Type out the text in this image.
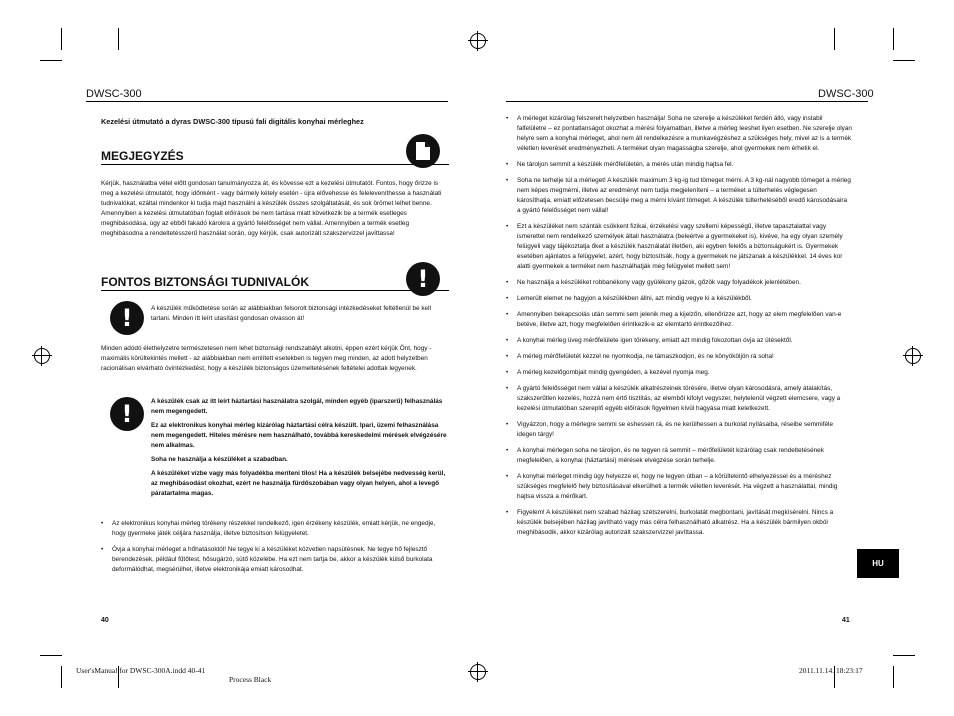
DWSC-300	DWSC-300
Kezelési útmutató a dyras DWSC-300 típusú fali digitális konyhai mérleghez
MEGJEGYZÉS
Kérjük, használatba vétel előtt gondosan tanulmányozza át, és kövesse ezt a kezelési útmutatót. Fontos, hogy őrizze is meg a kezelési útmutatót, hogy időnként - vagy bármely kétely esetén - újra elővehesse és feleleveníthesse a használati tudnivalókat, ezáltal mindenkor ki tudja majd használni a készülék összes szolgáltatását, és sok örömet lelhet benne. Amennyiben a kezelési útmutatóban foglalt előírások be nem tartása miatt következik be a termék esetleges meghibásodása, úgy az ebből fakadó károkra a gyártó felelősséget nem vállal. Amennyiben a termék esetleg meghibásodna a rendeltetésszerű használat során, úgy kérjük, csak autorizált szakszervizzel javíttassa!
FONTOS BIZTONSÁGI TUDNIVALÓK	!
!	A készülék működtetése során az alábbiakban felsorolt biztonsági intézkedéseket feltétlenül be kell tartani. Minden itt leírt utasítást gondosan olvasson át!
Minden adódó élethelyzetre természetesen nem lehet biztonsági rendszabályt alkotni, éppen ezért kérjük Önt, hogy - maximális körültekintés mellett - az alábbiakban nem említett esetekben is tegyen meg minden, az adott helyzetben racionálisan elvárható óvintézkedést, hogy a készülék biztonságos üzemeltetésének feltételei adottak legyenek.
!	A készülék csak az itt leírt háztartási használatra szolgál, minden egyéb (iparszerű) felhasználás nem megengedett.
Ez az elektronikus konyhai mérleg kizárólag háztartási célra készült. Ipari, üzemi felhasználása nem megengedett. Hiteles mérésre nem használható, továbbá kereskedelmi mérések elvégzésére nem alkalmas.
Soha ne használja a készüléket a szabadban.
A készüléket vízbe vagy más folyadékba meríteni tilos! Ha a készülék belsejébe nedvesség kerül, az meghibásodást okozhat, ezért ne használja fürdőszobában vagy olyan helyen, ahol a levegő páratartalma magas.
• Az elektronikus konyhai mérleg törékeny részekkel rendelkező, igen érzékeny készülék, emiatt kérjük, ne engedje, hogy gyermeke játék céljára használja, illetve biztosítson felügyeletet.
• Óvja a konyhai mérleget a hőhatásoktól! Ne tegye ki a készüléket közvetlen napsütésnek. Ne tegye hő fejlesztő berendezések, például fűtőtest, hősugárzó, sütő közelébe. Ha ezt nem tartja be, akkor a készülék külső burkolata deformálódhat, megsérülhet, illetve elektronikája emiatt károsodhat.
40
• A mérleget kizárólag felszerelt helyzetben használja! Soha ne szerelje a készüléket ferdén álló, vagy instabil falfelületre – ez pontatlanságot okozhat a mérési folyamatban, illetve a mérleg leeshet ilyen esetben. Ne szerelje olyan helyre sem a konyhai mérleget, ahol nem áll rendelkezésre a munkavégzéshez a szükséges hely, mivel az is a termék véletlen leverését eredményezheti. A terméket olyan magasságba szerelje, ahol gyermekek nem érhetik el.
• Ne tároljon semmit a készülék mérőfelületén, a mérés után mindig hajtsa fel.
• Soha ne terhelje túl a mérleget! A készülék maximum 3 kg-ig tud tömeget mérni. A 3 kg-nál nagyobb tömeget a mérleg nem képes megmérni, illetve az eredményt nem tudja megjeleníteni – a terméket a túlterhelés véglegesen károsíthatja, emiatt előzetesen becsülje meg a mérni kívánt tömeget. A készülék túlterheléséből eredő károsodásaira a gyártó felelősséget nem vállal!
• Ezt a készüléket nem szánták csökkent fizikai, érzékelési vagy szellemi képességű, illetve tapasztalattal vagy ismerettel nem rendelkező személyek általi használatra (beleértve a gyermekeket is), kivéve, ha egy olyan személy felügyeli vagy tájékoztatja őket a készülék használatát illetően, aki egyben felelős a biztonságukért is. Gyermekek esetében ajánlatos a felügyelet, azért, hogy biztosítsák, hogy a gyermekek ne játszanak a készülékkel. 14 éves kor alatti gyermekek a terméket nem használhatják még felügyelet mellett sem!
• Ne használja a készüléket robbanékony vagy gyúlékony gázok, gőzök vagy folyadékok jelenlétében.
• Lemerült elemet ne hagyjon a készülékben állni, azt mindig vegye ki a készülékből.
• Amennyiben bekapcsolás után semmi sem jelenik meg a kijelzőn, ellenőrizze azt, hogy az elem megfelelően van-e betéve, illetve azt, hogy megfelelően érintkezik-e az elemtartó érintkezőihez.
• A konyhai mérleg üveg mérőfelülete igen törékeny, emiatt azt mindig fokozottan óvja az ütésektől.
• A mérleg mérőfelületét kézzel ne nyomkodja, ne támaszkodjon, és ne könyököljön rá soha!
• A mérleg kezelőgombjait mindig gyengéden, a kezével nyomja meg.
• A gyártó felelősséget nem vállal a készülék alkatrészeinek törésére, illetve olyan károsodásra, amely átalakítás, szakszerűtlen kezelés, hozzá nem értő tisztítás, az elemből kifolyt vegyszer, helytelenül végzett elemcsere, vagy a kezelési útmutatóban szereplő egyéb előírások figyelmen kívül hagyása miatt keletkezett.
• Vigyázzon, hogy a mérlegre semmi se eshessen rá, és ne kerülhessen a burkolat nyílásaiba, réseibe semmiféle idegen tárgy!
• A konyhai mérlegen soha ne tároljon, és ne tegyen rá semmit – mérőfelületét kizárólag csak rendeltetésének megfelelően, a konyhai (háztartási) mérések elvégzése során terhelje.
• A konyhai mérleget mindig úgy helyezze el, hogy ne legyen útban – a körültekintő elhelyezéssel és a méréshez szükséges megfelelő hely biztosításával elkerülheti a termék véletlen leverését. Ha végzett a használattal, mindig hajtsa vissza a mérőkart.
• Figyelem! A készüléket nem szabad házilag szétszerelni, burkolatát megbontani, javítását megkísérelni. Nincs a készülék belsejében házilag javítható vagy más célra felhasználható alkatrész. Ha a készülék bármilyen okból meghibásodik, akkor kizárólag autorizált szakszervizzel javíttassa.
HU
41
User'sManual for DWSC-300A.indd 40-41
Process Black
2011.11.14. 18:23:17
